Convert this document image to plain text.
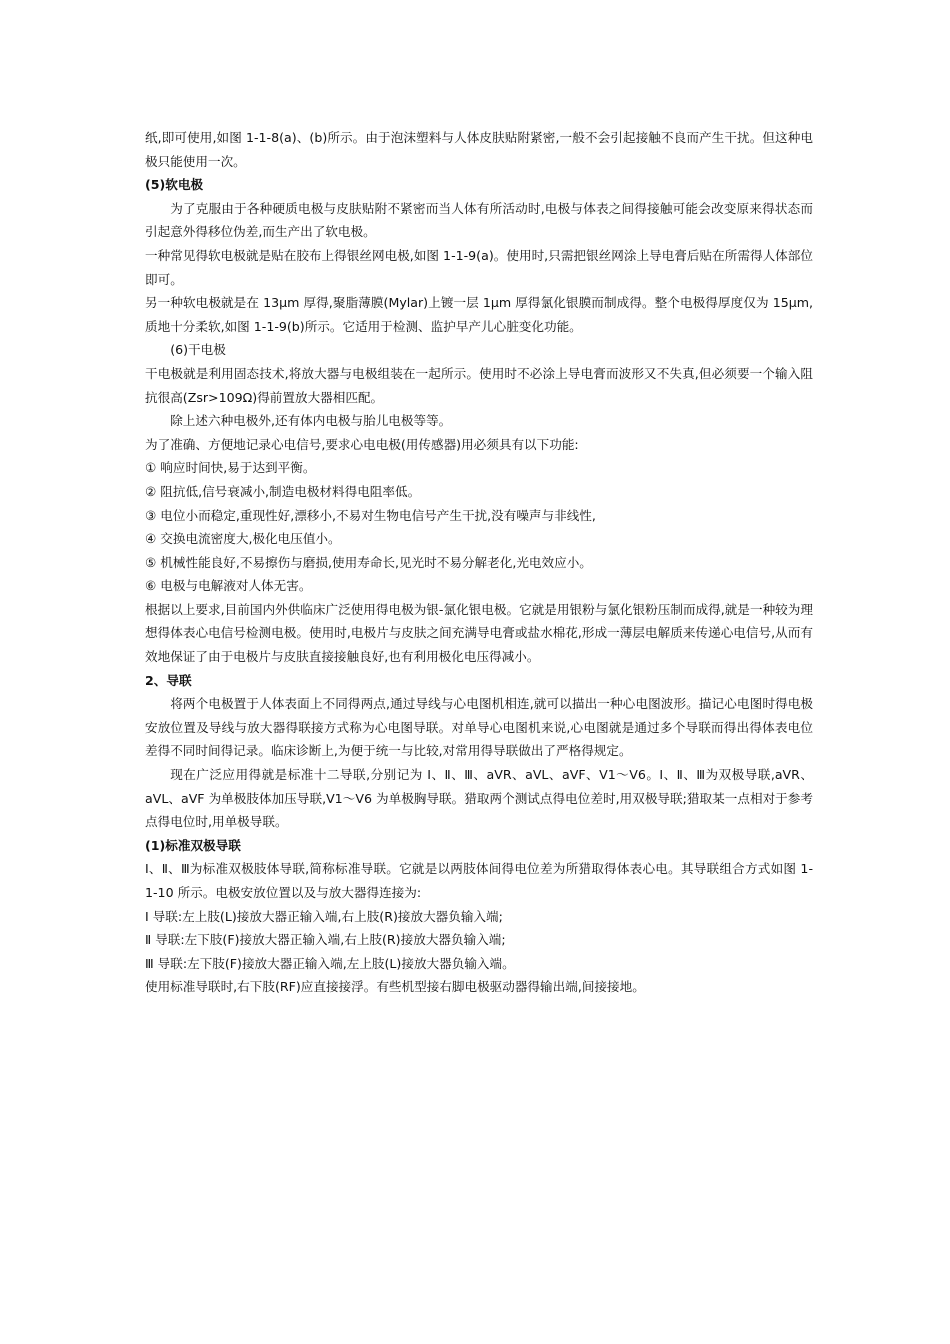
纸,即可使用,如图 1-1-8(a)、(b)所示。由于泡沫塑料与人体皮肤贴附紧密,一般不会引起接触不良而产生干扰。但这种电极只能使用一次。

(5)软电极

为了克服由于各种硬质电极与皮肤贴附不紧密而当人体有所活动时,电极与体表之间得接触可能会改变原来得状态而引起意外得移位伪差,而生产出了软电极。

一种常见得软电极就是贴在胶布上得银丝网电极,如图 1-1-9(a)。使用时,只需把银丝网涂上导电膏后贴在所需得人体部位即可。

另一种软电极就是在 13μm 厚得,聚脂薄膜(Mylar)上镀一层 1μm 厚得氯化银膜而制成得。整个电极得厚度仅为 15μm,质地十分柔软,如图 1-1-9(b)所示。它适用于检测、监护早产儿心脏变化功能。

(6)干电极

干电极就是利用固态技术,将放大器与电极组装在一起所示。使用时不必涂上导电膏而波形又不失真,但必须要一个输入阻抗很高(Zsr>109Ω)得前置放大器相匹配。

除上述六种电极外,还有体内电极与胎儿电极等等。

为了准确、方便地记录心电信号,要求心电电极(用传感器)用必须具有以下功能:

① 响应时间快,易于达到平衡。

② 阻抗低,信号衰减小,制造电极材料得电阻率低。

③ 电位小而稳定,重现性好,漂移小,不易对生物电信号产生干扰,没有噪声与非线性,

④ 交换电流密度大,极化电压值小。

⑤ 机械性能良好,不易擦伤与磨损,使用寿命长,见光时不易分解老化,光电效应小。

⑥ 电极与电解液对人体无害。

根据以上要求,目前国内外供临床广泛使用得电极为银-氯化银电极。它就是用银粉与氯化银粉压制而成得,就是一种较为理想得体表心电信号检测电极。使用时,电极片与皮肤之间充满导电膏或盐水棉花,形成一薄层电解质来传递心电信号,从而有效地保证了由于电极片与皮肤直接接触良好,也有利用极化电压得减小。

2、导联

将两个电极置于人体表面上不同得两点,通过导线与心电图机相连,就可以描出一种心电图波形。描记心电图时得电极安放位置及导线与放大器得联接方式称为心电图导联。对单导心电图机来说,心电图就是通过多个导联而得出得体表电位差得不同时间得记录。临床诊断上,为便于统一与比较,对常用得导联做出了严格得规定。

现在广泛应用得就是标准十二导联,分别记为 I、Ⅱ、Ⅲ、aVR、aVL、aVF、V1～V6。I、Ⅱ、Ⅲ为双极导联,aVR、aVL、aVF 为单极肢体加压导联,V1～V6 为单极胸导联。猎取两个测试点得电位差时,用双极导联;猎取某一点相对于参考点得电位时,用单极导联。

(1)标准双极导联

Ⅰ、Ⅱ、Ⅲ为标准双极肢体导联,简称标准导联。它就是以两肢体间得电位差为所猎取得体表心电。其导联组合方式如图 1-1-10 所示。电极安放位置以及与放大器得连接为:

I 导联:左上肢(L)接放大器正输入端,右上肢(R)接放大器负输入端;

Ⅱ 导联:左下肢(F)接放大器正输入端,右上肢(R)接放大器负输入端;

Ⅲ 导联:左下肢(F)接放大器正输入端,左上肢(L)接放大器负输入端。

使用标准导联时,右下肢(RF)应直接接浮。有些机型接右脚电极驱动器得输出端,间接接地。
